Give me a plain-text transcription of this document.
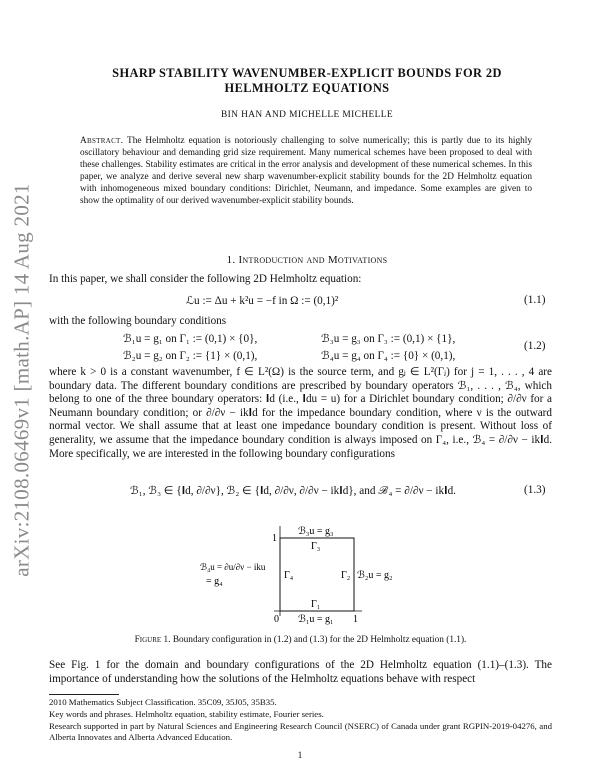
arXiv:2108.06469v1 [math.AP] 14 Aug 2021
SHARP STABILITY WAVENUMBER-EXPLICIT BOUNDS FOR 2D
HELMHOLTZ EQUATIONS
BIN HAN AND MICHELLE MICHELLE
Abstract. The Helmholtz equation is notoriously challenging to solve numerically; this is partly due to its highly oscillatory behaviour and demanding grid size requirement. Many numerical schemes have been proposed to deal with these challenges. Stability estimates are critical in the error analysis and development of these numerical schemes. In this paper, we analyze and derive several new sharp wavenumber-explicit stability bounds for the 2D Helmholtz equation with inhomogeneous mixed boundary conditions: Dirichlet, Neumann, and impedance. Some examples are given to show the optimality of our derived wavenumber-explicit stability bounds.
1. Introduction and Motivations
In this paper, we shall consider the following 2D Helmholtz equation:
ℒu := Δu + k²u = −f in Ω := (0,1)²	(1.1)
with the following boundary conditions
ℬ₁u = g₁ on Γ₁ := (0,1) × {0},	ℬ₃u = g₃ on Γ₃ := (0,1) × {1},
ℬ₂u = g₂ on Γ₂ := {1} × (0,1),	ℬ₄u = g₄ on Γ₄ := {0} × (0,1),
(1.2)
where k > 0 is a constant wavenumber, f ∈ L²(Ω) is the source term, and gⱼ ∈ L²(Γⱼ) for j = 1, . . . , 4 are boundary data. The different boundary conditions are prescribed by boundary operators ℬ₁, . . . , ℬ₄, which belong to one of the three boundary operators: 𝐈d (i.e., 𝐈du = u) for a Dirichlet boundary condition; ∂/∂ν for a Neumann boundary condition; or ∂/∂ν − ik𝐈d for the impedance boundary condition, where ν is the outward normal vector. We shall assume that at least one impedance boundary condition is present. Without loss of generality, we assume that the impedance boundary condition is always imposed on Γ₄, i.e., ℬ₄ = ∂/∂ν − ik𝐈d. More specifically, we are interested in the following boundary configurations
ℬ₁, ℬ₃ ∈ {𝐈d, ∂/∂ν}, ℬ₂ ∈ {𝐈d, ∂/∂ν, ∂/∂ν − ik𝐈d}, and ℬ₄ = ∂/∂ν − ik𝐈d.	(1.3)
ℬ₃u = g₃
Γ₃
Γ₄	Γ₂ ℬ₂u = g₂
Γ₁
ℬ₁u = g₁
ℬ₄u = ∂u/∂ν − iku
= g₄
0	1
1
Figure 1. Boundary configuration in (1.2) and (1.3) for the 2D Helmholtz equation (1.1).
See Fig. 1 for the domain and boundary configurations of the 2D Helmholtz equation (1.1)–(1.3). The importance of understanding how the solutions of the Helmholtz equations behave with respect
2010 Mathematics Subject Classification. 35C09, 35J05, 35B35.
Key words and phrases. Helmholtz equation, stability estimate, Fourier series.
Research supported in part by Natural Sciences and Engineering Research Council (NSERC) of Canada under grant RGPIN-2019-04276, and Alberta Innovates and Alberta Advanced Education.
1
